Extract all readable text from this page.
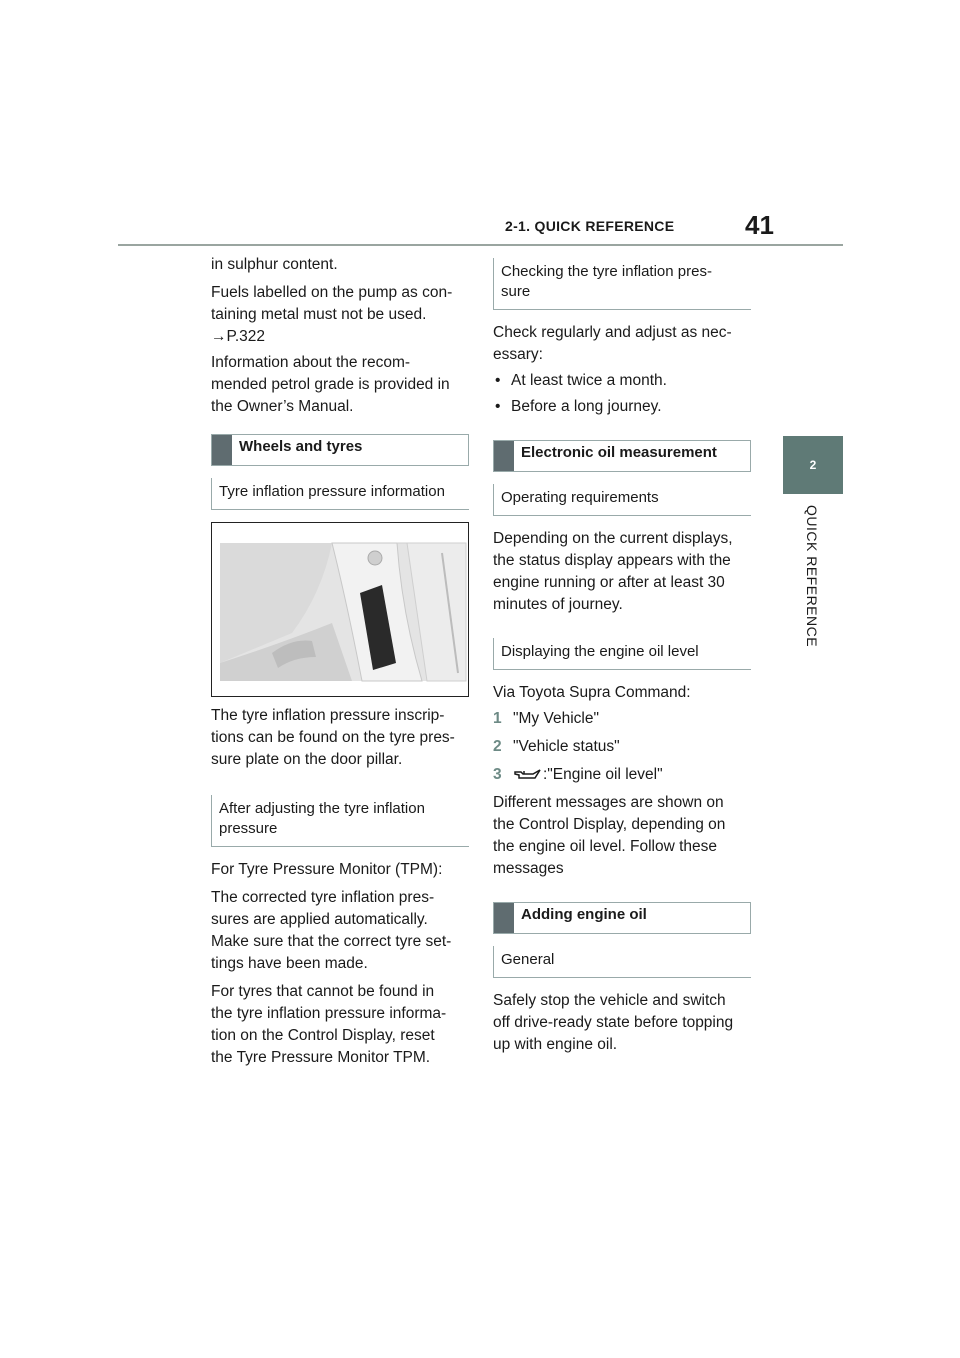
2-1. QUICK REFERENCE	41
2
QUICK REFERENCE

in sulphur content.

Fuels labelled on the pump as con-
taining metal must not be used.
→P.322

Information about the recom-
mended petrol grade is provided in
the Owner’s Manual.

Wheels and tyres
Tyre inflation pressure information

The tyre inflation pressure inscrip-
tions can be found on the tyre pres-
sure plate on the door pillar.

After adjusting the tyre inflation
pressure

For Tyre Pressure Monitor (TPM):

The corrected tyre inflation pres-
sures are applied automatically.
Make sure that the correct tyre set-
tings have been made.

For tyres that cannot be found in
the tyre inflation pressure informa-
tion on the Control Display, reset
the Tyre Pressure Monitor TPM.

Checking the tyre inflation pres-
sure

Check regularly and adjust as nec-
essary:

• At least twice a month.

• Before a long journey.

Electronic oil measurement
Operating requirements

Depending on the current displays,
the status display appears with the
engine running or after at least 30
minutes of journey.

Displaying the engine oil level

Via Toyota Supra Command:

1 "My Vehicle"
2 "Vehicle status"
3	:"Engine oil level"

Different messages are shown on
the Control Display, depending on
the engine oil level. Follow these
messages

Adding engine oil
General

Safely stop the vehicle and switch
off drive-ready state before topping
up with engine oil.
